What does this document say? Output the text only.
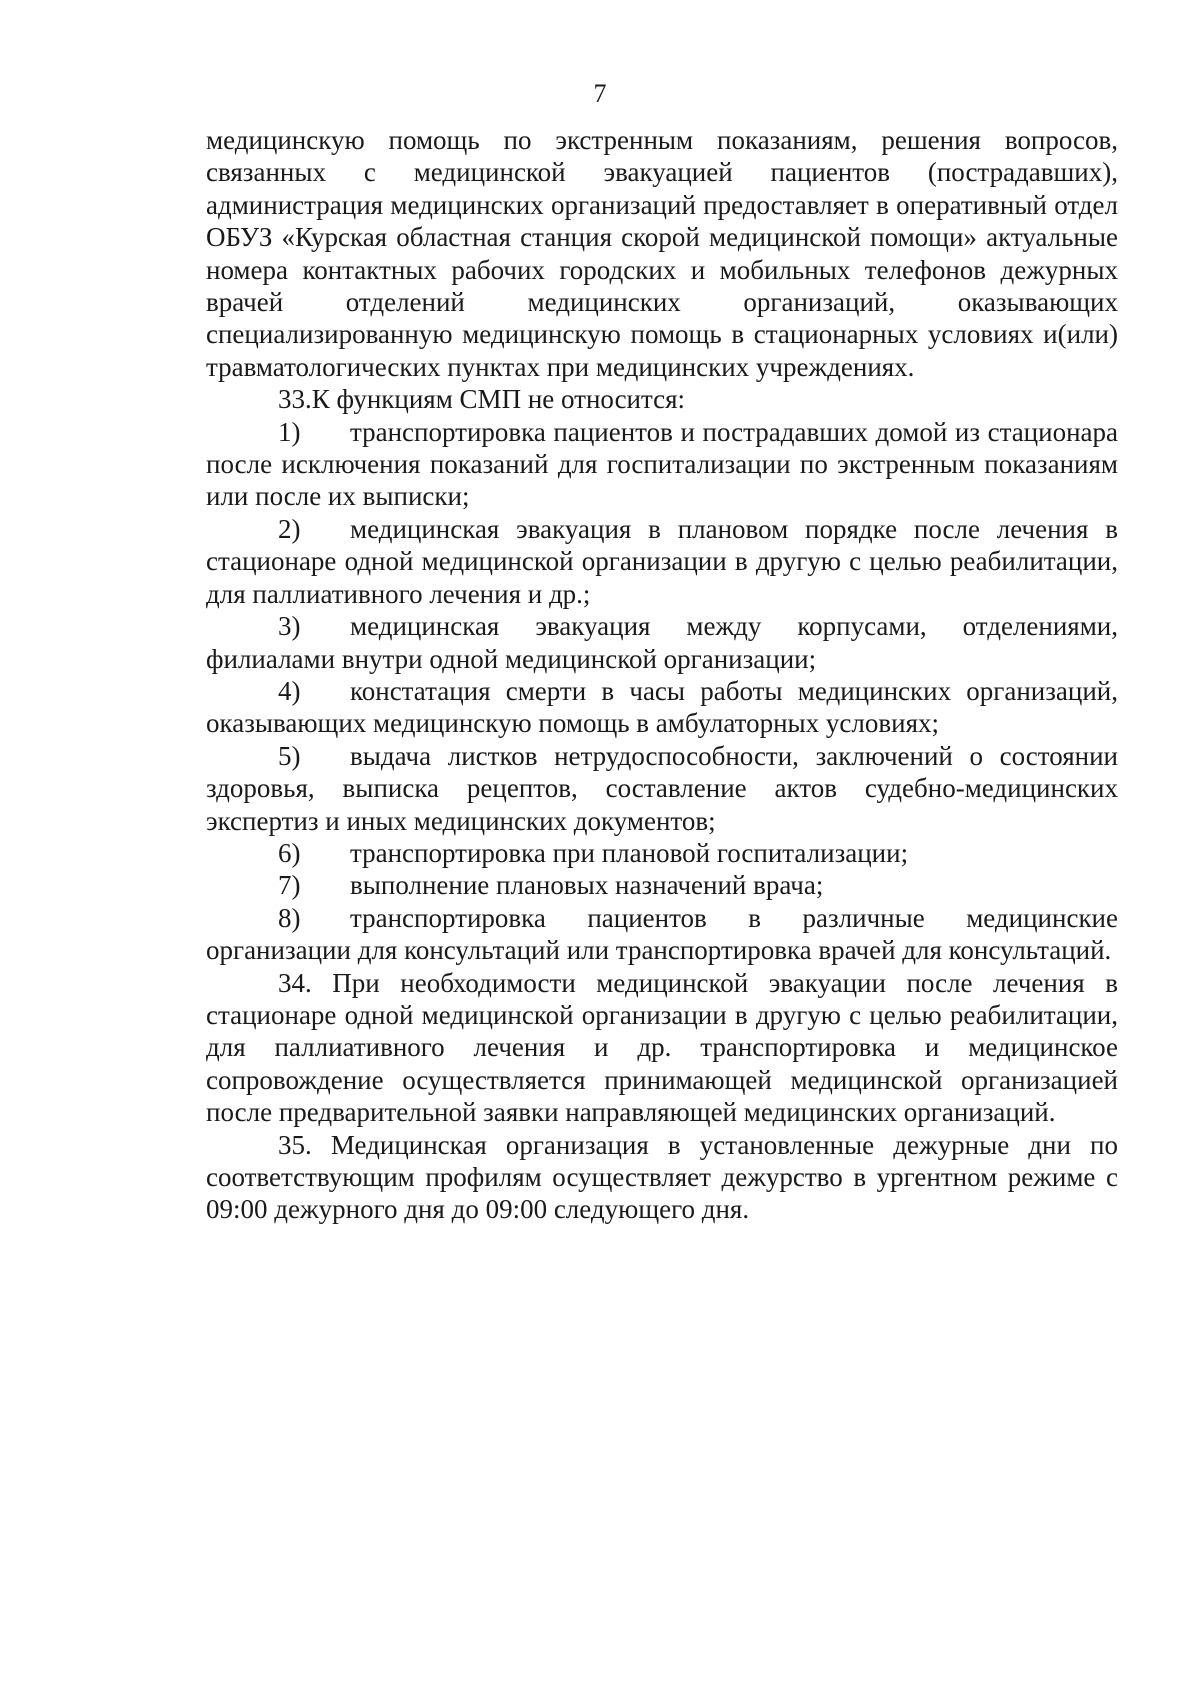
7

медицинскую помощь по экстренным показаниям, решения вопросов, связанных с медицинской эвакуацией пациентов (пострадавших), администрация медицинских организаций предоставляет в оперативный отдел ОБУЗ «Курская областная станция скорой медицинской помощи» актуальные номера контактных рабочих городских и мобильных телефонов дежурных врачей отделений медицинских организаций, оказывающих специализированную медицинскую помощь в стационарных условиях и(или) травматологических пунктах при медицинских учреждениях.

33.К функциям СМП не относится:

1) транспортировка пациентов и пострадавших домой из стационара после исключения показаний для госпитализации по экстренным показаниям или после их выписки;

2) медицинская эвакуация в плановом порядке после лечения в стационаре одной медицинской организации в другую с целью реабилитации, для паллиативного лечения и др.;

3) медицинская эвакуация между корпусами, отделениями, филиалами внутри одной медицинской организации;

4) констатация смерти в часы работы медицинских организаций, оказывающих медицинскую помощь в амбулаторных условиях;

5) выдача листков нетрудоспособности, заключений о состоянии здоровья, выписка рецептов, составление актов судебно-медицинских экспертиз и иных медицинских документов;

6) транспортировка при плановой госпитализации;

7) выполнение плановых назначений врача;

8) транспортировка пациентов в различные медицинские организации для консультаций или транспортировка врачей для консультаций.

34. При необходимости медицинской эвакуации после лечения в стационаре одной медицинской организации в другую с целью реабилитации, для паллиативного лечения и др. транспортировка и медицинское сопровождение осуществляется принимающей медицинской организацией после предварительной заявки направляющей медицинских организаций.

35. Медицинская организация в установленные дежурные дни по соответствующим профилям осуществляет дежурство в ургентном режиме с 09:00 дежурного дня до 09:00 следующего дня.
